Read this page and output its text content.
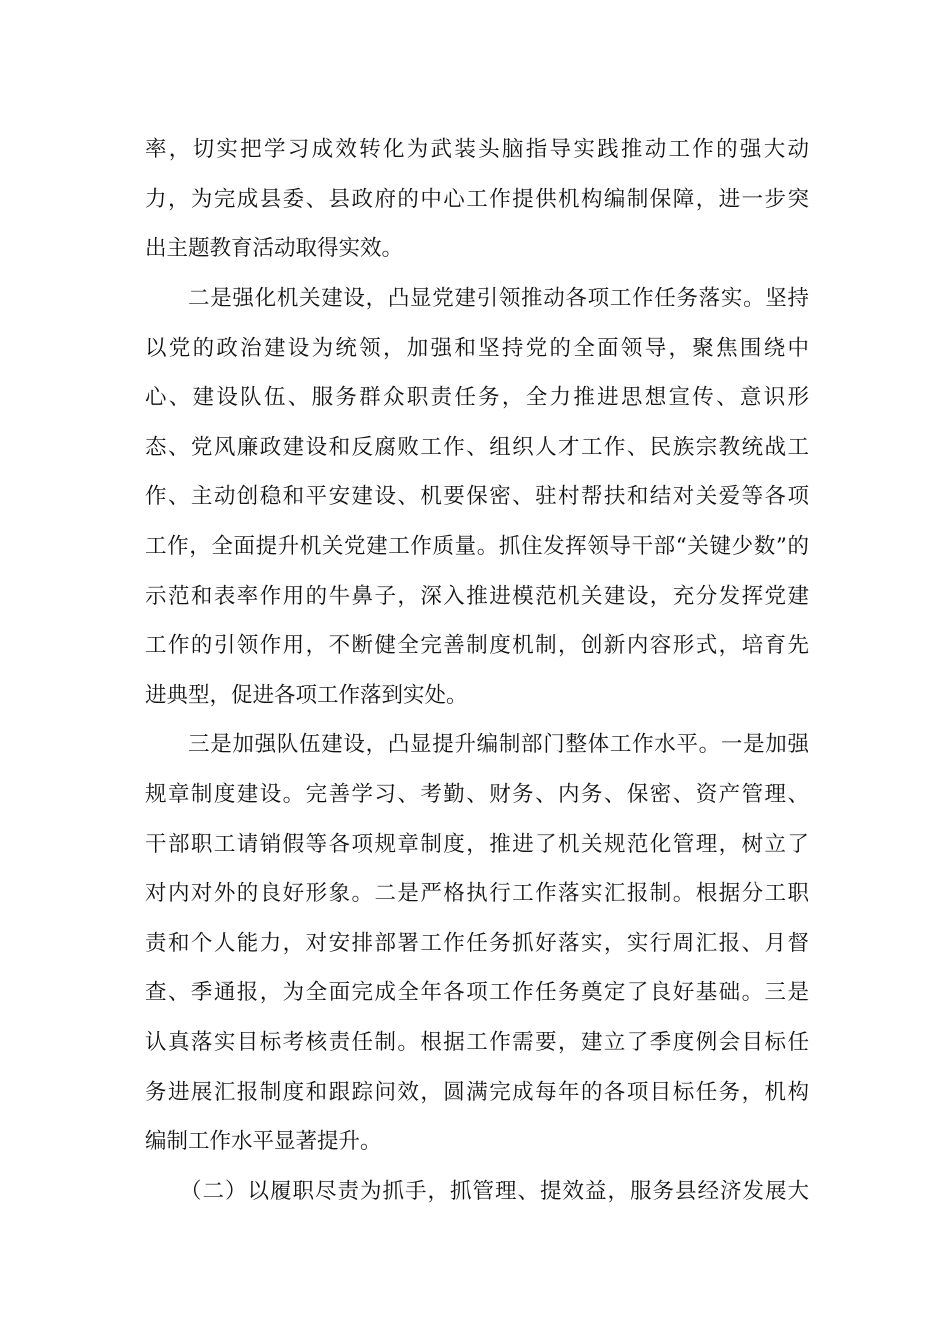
率，切实把学习成效转化为武装头脑指导实践推动工作的强大动
力，为完成县委、县政府的中心工作提供机构编制保障，进一步突
出主题教育活动取得实效。
二是强化机关建设，凸显党建引领推动各项工作任务落实。坚持
以党的政治建设为统领，加强和坚持党的全面领导，聚焦围绕中
心、建设队伍、服务群众职责任务，全力推进思想宣传、意识形
态、党风廉政建设和反腐败工作、组织人才工作、民族宗教统战工
作、主动创稳和平安建设、机要保密、驻村帮扶和结对关爱等各项
工作，全面提升机关党建工作质量。抓住发挥领导干部“关键少数”的
示范和表率作用的牛鼻子，深入推进模范机关建设，充分发挥党建
工作的引领作用，不断健全完善制度机制，创新内容形式，培育先
进典型，促进各项工作落到实处。
三是加强队伍建设，凸显提升编制部门整体工作水平。一是加强
规章制度建设。完善学习、考勤、财务、内务、保密、资产管理、
干部职工请销假等各项规章制度，推进了机关规范化管理，树立了
对内对外的良好形象。二是严格执行工作落实汇报制。根据分工职
责和个人能力，对安排部署工作任务抓好落实，实行周汇报、月督
查、季通报，为全面完成全年各项工作任务奠定了良好基础。三是
认真落实目标考核责任制。根据工作需要，建立了季度例会目标任
务进展汇报制度和跟踪问效，圆满完成每年的各项目标任务，机构
编制工作水平显著提升。
（二）以履职尽责为抓手，抓管理、提效益，服务县经济发展大
